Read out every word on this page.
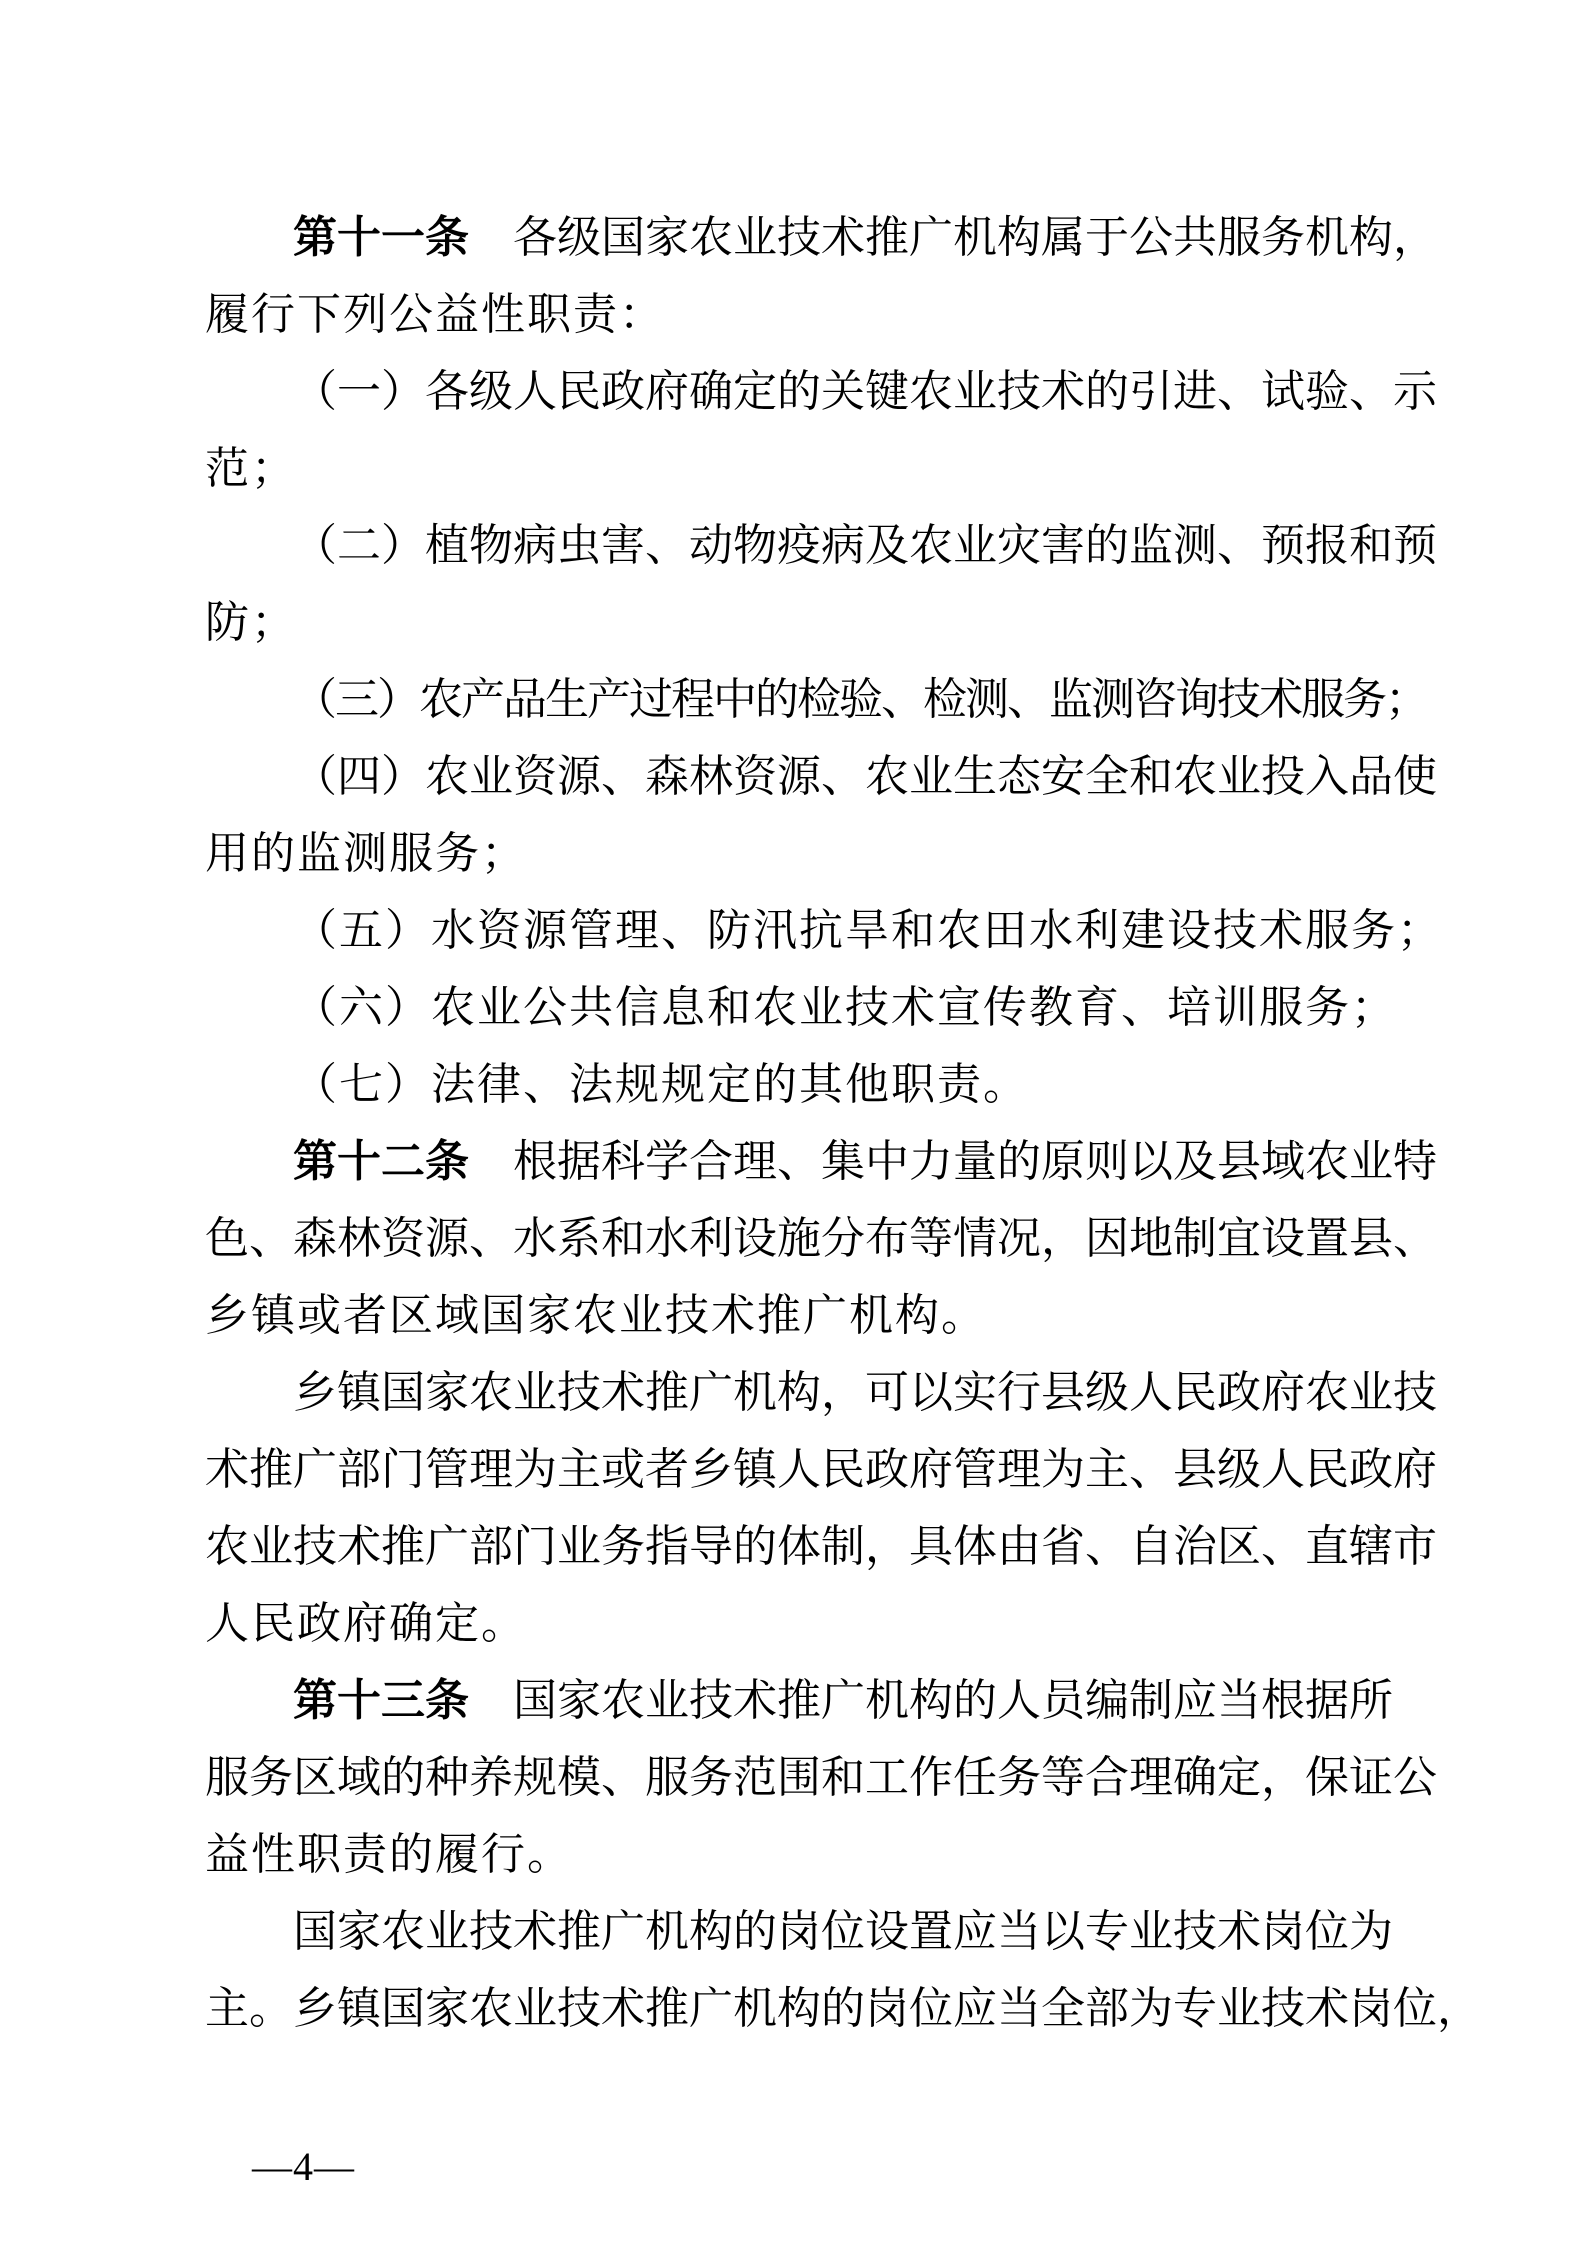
第 十 一 条
　 各 级 国 家 农 业 技 术 推 广 机 构 属 于 公 共 服 务 机 构 ，
履行下列公益性职责：
（ 一 ） 各 级 人 民 政 府 确 定 的 关 键 农 业 技 术 的 引 进 、 试 验 、 示
范；
（ 二 ） 植 物 病 虫 害 、 动 物 疫 病 及 农 业 灾 害 的 监 测 、 预 报 和 预
防；
（三）农产品生产过程中的检验、检测、监测咨询技术服务；
（ 四 ） 农 业 资 源 、 森 林 资 源 、 农 业 生 态 安 全 和 农 业 投 入 品 使
用的监测服务；
（五）水资源管理、防汛抗旱和农田水利建设技术服务；
（六）农业公共信息和农业技术宣传教育、培训服务；
（七）法律、法规规定的其他职责。
第 十 二 条
　 根 据 科 学 合 理 、 集 中 力 量 的 原 则 以 及 县 域 农 业 特
色 、 森 林 资 源 、 水 系 和 水 利 设 施 分 布 等 情 况 ， 因 地 制 宜 设 置 县 、
乡镇或者区域国家农业技术推广机构。
乡 镇 国 家 农 业 技 术 推 广 机 构 ， 可 以 实 行 县 级 人 民 政 府 农 业 技
术 推 广 部 门 管 理 为 主 或 者 乡 镇 人 民 政 府 管 理 为 主 、 县 级 人 民 政 府
农 业 技 术 推 广 部 门 业 务 指 导 的 体 制 ， 具 体 由 省 、 自 治 区 、 直 辖 市
人民政府确定。
第 十 三 条
　 国 家 农 业 技 术 推 广 机 构 的 人 员 编 制 应 当 根 据 所
服 务 区 域 的 种 养 规 模 、 服 务 范 围 和 工 作 任 务 等 合 理 确 定 ， 保 证 公
益性职责的履行。
国 家 农 业 技 术 推 广 机 构 的 岗 位 设 置 应 当 以 专 业 技 术 岗 位 为
主 。 乡 镇 国 家 农 业 技 术 推 广 机 构 的 岗 位 应 当 全 部 为 专 业 技 术 岗 位 ，
—4—
